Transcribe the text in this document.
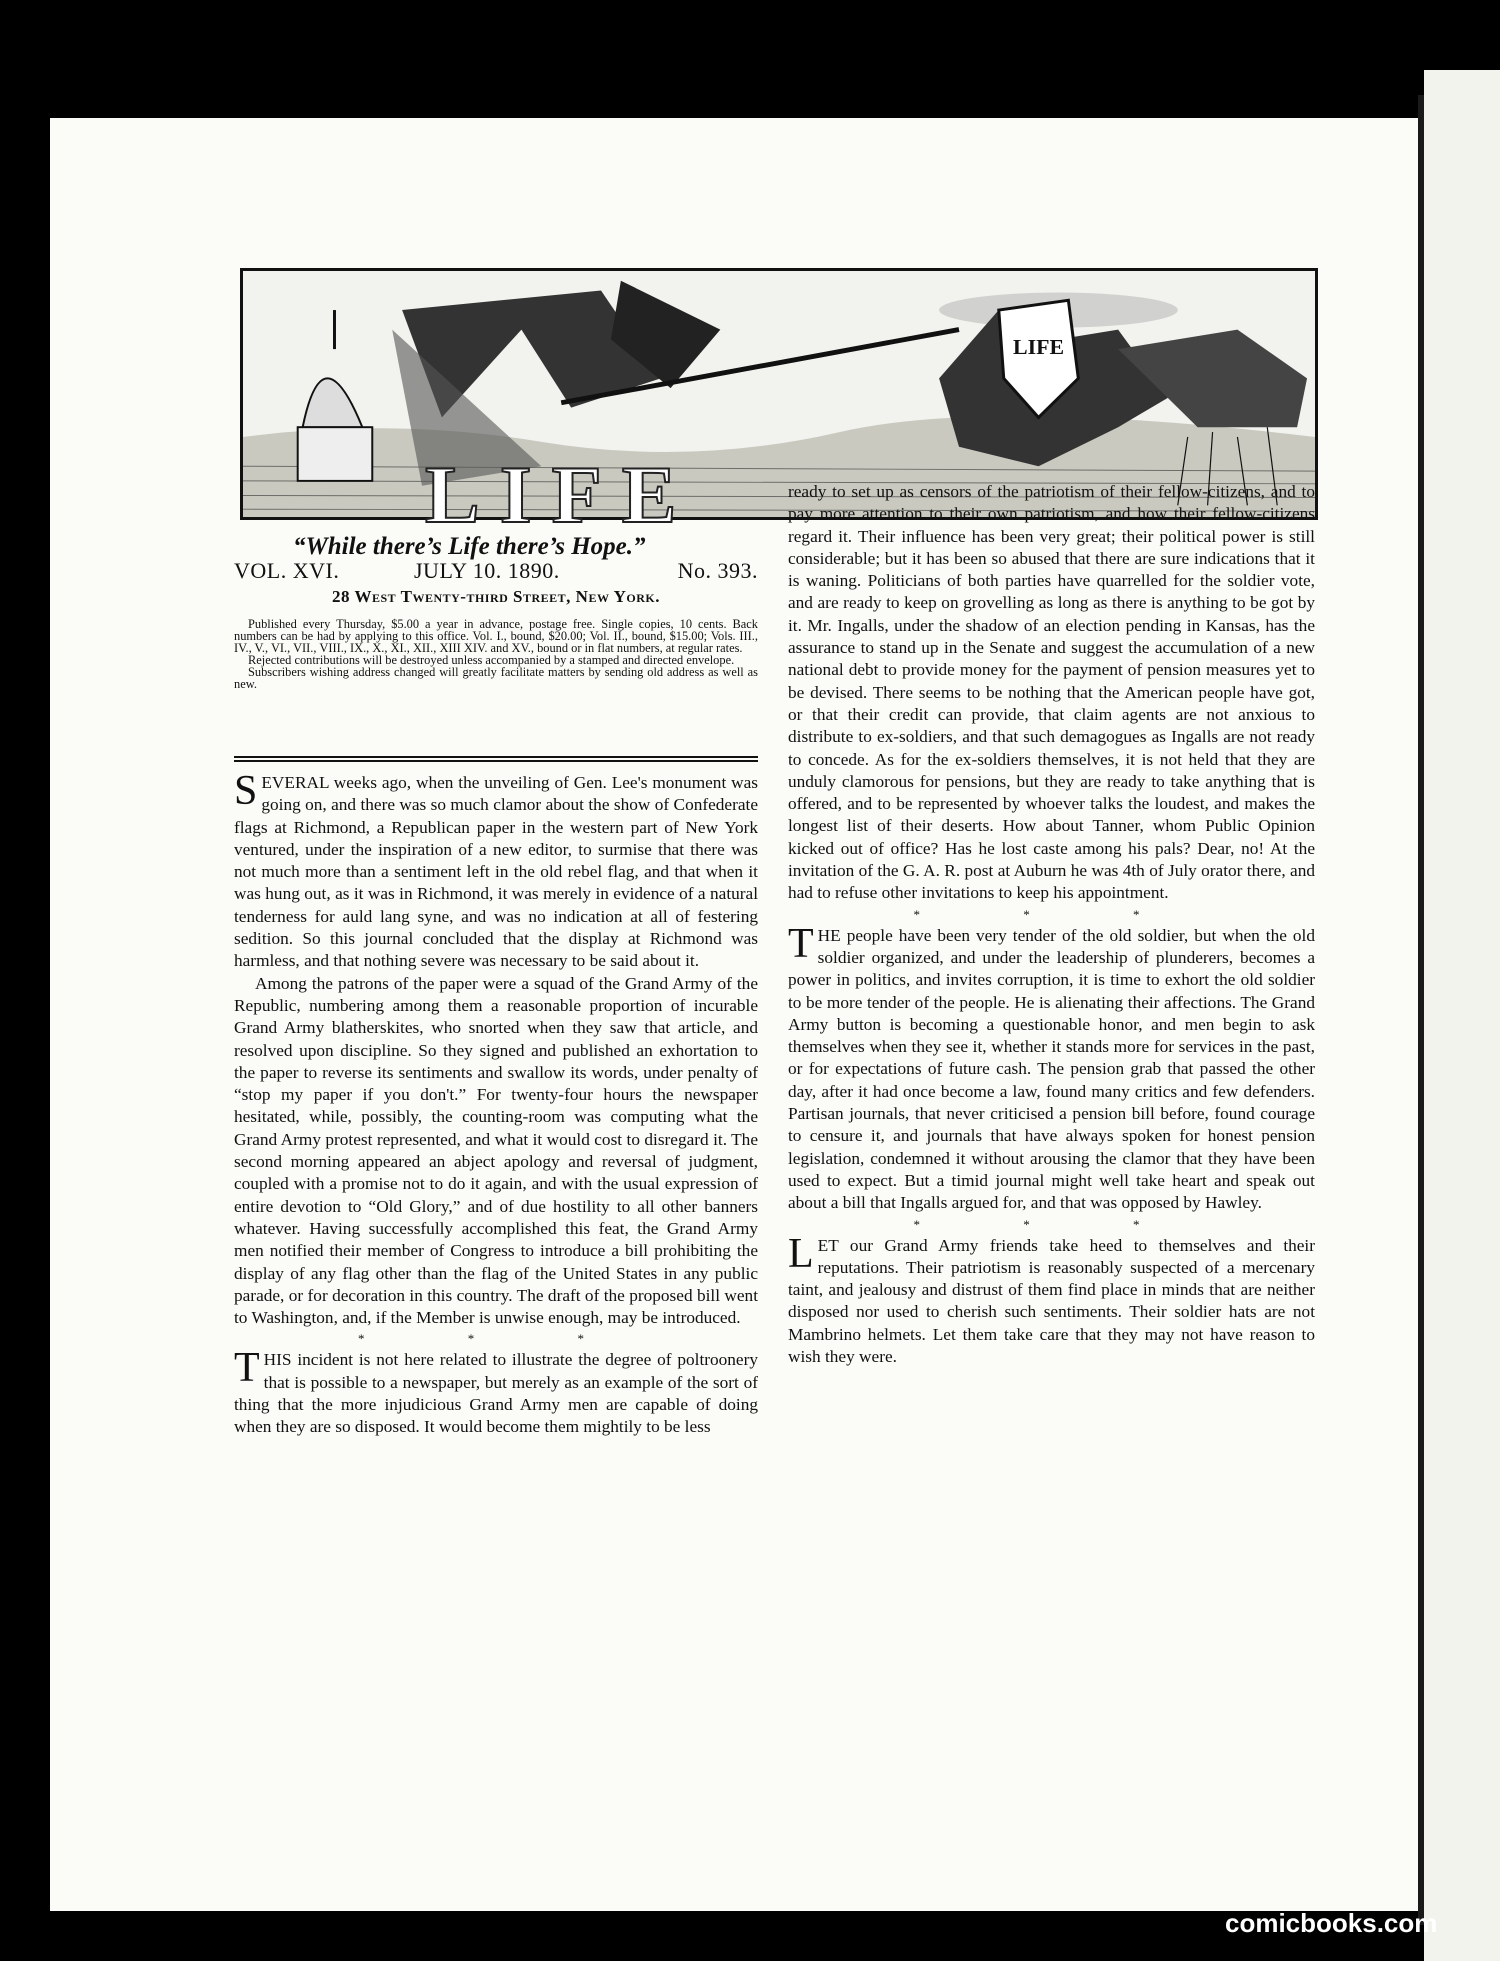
LIFE

LIFE

“While there’s Life there’s Hope.”

VOL. XVI.	JULY 10. 1890.	No. 393.

28 West Twenty-third Street, New York.

Published every Thursday, $5.00 a year in advance, postage free. Single copies, 10 cents. Back numbers can be had by applying to this office. Vol. I., bound, $20.00; Vol. II., bound, $15.00; Vols. III., IV., V., VI., VII., VIII., IX., X., XI., XII., XIII XIV. and XV., bound or in flat numbers, at regular rates.

Rejected contributions will be destroyed unless accompanied by a stamped and directed envelope.

Subscribers wishing address changed will greatly facilitate matters by sending old address as well as new.

SEVERAL weeks ago, when the unveiling of Gen. Lee's monument was going on, and there was so much clamor about the show of Confederate flags at Richmond, a Republican paper in the western part of New York ventured, under the inspiration of a new editor, to surmise that there was not much more than a sentiment left in the old rebel flag, and that when it was hung out, as it was in Richmond, it was merely in evidence of a natural tenderness for auld lang syne, and was no indication at all of festering sedition. So this journal concluded that the display at Richmond was harmless, and that nothing severe was necessary to be said about it.

Among the patrons of the paper were a squad of the Grand Army of the Republic, numbering among them a reasonable proportion of incurable Grand Army blatherskites, who snorted when they saw that article, and resolved upon discipline. So they signed and published an exhortation to the paper to reverse its sentiments and swallow its words, under penalty of “stop my paper if you don't.” For twenty-four hours the newspaper hesitated, while, possibly, the counting-room was computing what the Grand Army protest represented, and what it would cost to disregard it. The second morning appeared an abject apology and reversal of judgment, coupled with a promise not to do it again, and with the usual expression of entire devotion to “Old Glory,” and of due hostility to all other banners whatever. Having successfully accomplished this feat, the Grand Army men notified their member of Congress to introduce a bill prohibiting the display of any flag other than the flag of the United States in any public parade, or for decoration in this country. The draft of the proposed bill went to Washington, and, if the Member is unwise enough, may be introduced.

* * *

THIS incident is not here related to illustrate the degree of poltroonery that is possible to a newspaper, but merely as an example of the sort of thing that the more injudicious Grand Army men are capable of doing when they are so disposed. It would become them mightily to be less

ready to set up as censors of the patriotism of their fellow-citizens, and to pay more attention to their own patriotism, and how their fellow-citizens regard it. Their influence has been very great; their political power is still considerable; but it has been so abused that there are sure indications that it is waning. Politicians of both parties have quarrelled for the soldier vote, and are ready to keep on grovelling as long as there is anything to be got by it. Mr. Ingalls, under the shadow of an election pending in Kansas, has the assurance to stand up in the Senate and suggest the accumulation of a new national debt to provide money for the payment of pension measures yet to be devised. There seems to be nothing that the American people have got, or that their credit can provide, that claim agents are not anxious to distribute to ex-soldiers, and that such demagogues as Ingalls are not ready to concede. As for the ex-soldiers themselves, it is not held that they are unduly clamorous for pensions, but they are ready to take anything that is offered, and to be represented by whoever talks the loudest, and makes the longest list of their deserts. How about Tanner, whom Public Opinion kicked out of office? Has he lost caste among his pals? Dear, no! At the invitation of the G. A. R. post at Auburn he was 4th of July orator there, and had to refuse other invitations to keep his appointment.

* * *

THE people have been very tender of the old soldier, but when the old soldier organized, and under the leadership of plunderers, becomes a power in politics, and invites corruption, it is time to exhort the old soldier to be more tender of the people. He is alienating their affections. The Grand Army button is becoming a questionable honor, and men begin to ask themselves when they see it, whether it stands more for services in the past, or for expectations of future cash. The pension grab that passed the other day, after it had once become a law, found many critics and few defenders. Partisan journals, that never criticised a pension bill before, found courage to censure it, and journals that have always spoken for honest pension legislation, condemned it without arousing the clamor that they have been used to expect. But a timid journal might well take heart and speak out about a bill that Ingalls argued for, and that was opposed by Hawley.

* * *

LET our Grand Army friends take heed to themselves and their reputations. Their patriotism is reasonably suspected of a mercenary taint, and jealousy and distrust of them find place in minds that are neither disposed nor used to cherish such sentiments. Their soldier hats are not Mambrino helmets. Let them take care that they may not have reason to wish they were.

comicbooks.com
